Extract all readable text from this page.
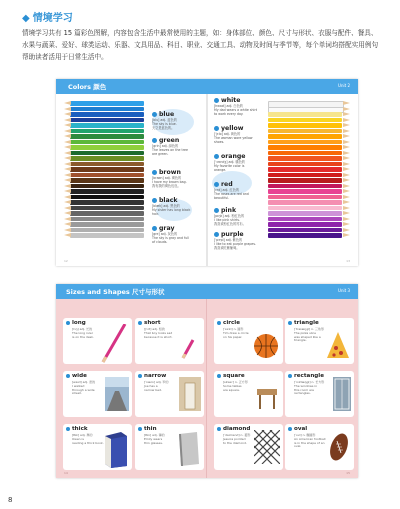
◆ 情境学习
情境学习共有 15 篇彩色图解，内容包含生活中最常使用的主题，如：身体部位、颜色、尺寸与形状、衣服与配件、餐具、水果与蔬菜、爱好、球类运动、乐器、文具用品、科目、职业、交通工具、动物及时间与季节等，每个单词均搭配实用例句帮助读者活用于日常生活中。
Colors 颜色	Unit 2
blue
[blu] adj. 蓝色的
The sky is blue.
天空是蓝色的。
green
[grin] adj. 绿色的
The leaves on the tree
are green.
brown
[braʊn] adj. 褐色的
I have my brown bag.
我有我的褐色包包。
black
[blæk] adj. 黑色的
My sister has long black
hair.
gray
[gre] adj. 灰色的
The sky is gray and full
of clouds.
white
[hwaɪt] adj. 白色的
My dad wears a white shirt
to work every day.
yellow
[ˈjɛlo] adj. 黄色的
The woman wore yellow
shoes.
orange
[ˈɔrɪndʒ] adj. 橘色的
My favorite color is
orange.
red
[rɛd] adj. 红色的
The roses are red and
beautiful.
pink
[pɪŋk] adj. 粉红色的
I like pink shirts.
我喜欢粉红色的衬衫。
purple
[ˈpɝpl] adj. 紫色的
I like to eat purple grapes.
我喜欢吃紫葡萄。
12	13
Sizes and Shapes 尺寸与形状	Unit 3
long
[lɔŋ] adj. 长的
The long ruler
is on the desk.
short
[ʃɔrt] adj. 短的
That boy looks sad
because it is short.
circle
[ˈsɝkl] n. 圆形
Tim drew a circle
on his paper.
triangle
[ˈtraɪæŋgl] n. 三角形
The pizza slice
was shaped like a triangle.
wide
[waɪd] adj. 宽的
I walked
through a wide street.
narrow
[ˈnæro] adj. 窄的
Joe has a
narrow bed.
square
[skwɛr] n. 正方形
Some tables
are square.
rectangle
[ˈrɛktæŋgl] n. 长方形
The windows in
this room are rectangles.
thick
[θɪk] adj. 厚的
Owen is
reading a thick book.
thin
[θɪn] adj. 薄的
Emily wears
thin glasses.
diamond
[ˈdaɪmənd] n. 菱形
Jessica pointed
to the diamond.
oval
[ˈovl] n. 椭圆形
An American football
is in the shape of an oval.
14	15
8
